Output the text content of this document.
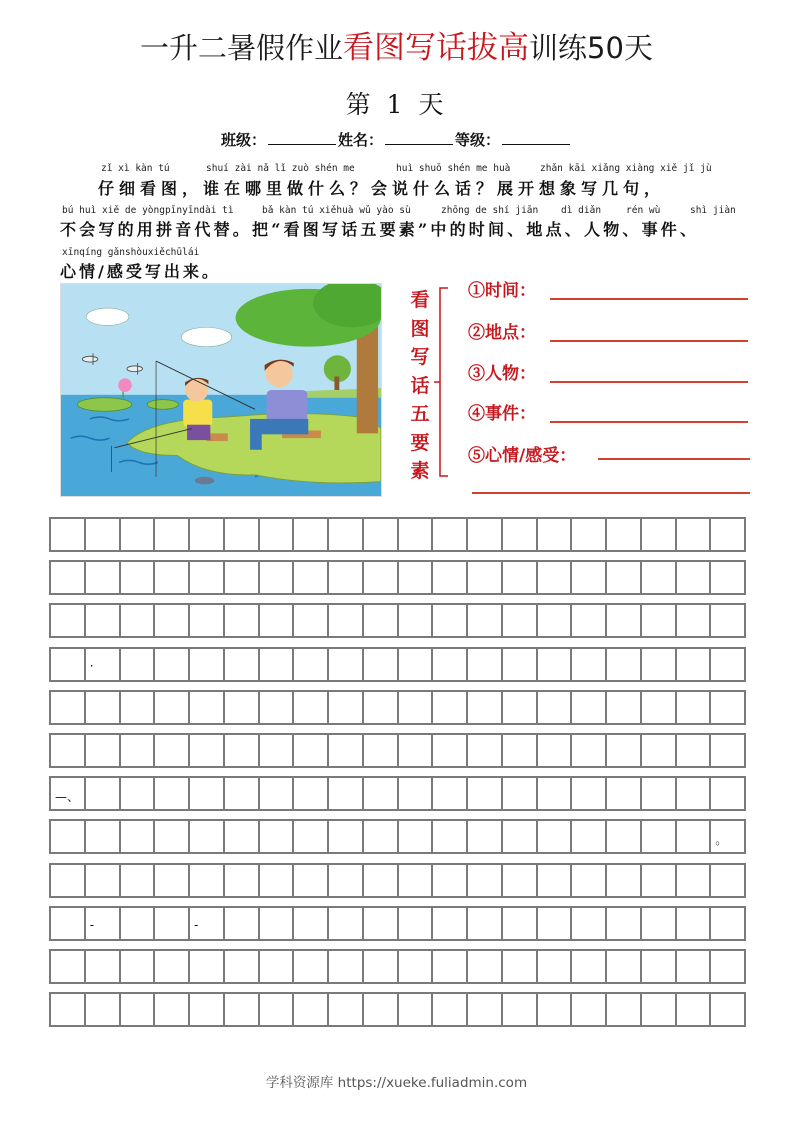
一升二暑假作业看图写话拔高训练50天
第 1 天
班级：	姓名：	等级：
zǐ xì kàn tú	shuí zài nǎ lǐ zuò shén me	huì shuō shén me huà	zhǎn kāi xiǎng xiàng xiě jǐ jù
仔细看图，谁在哪里做什么？会说什么话？展开想象写几句，
bú huì xiě de yòngpīnyīndài tì	bǎ kàn tú xiěhuà wǔ yào sù	zhōng de shí jiān dì diǎn	rén wù	shì jiàn
不会写的用拼音代替。把“看图写话五要素”中的时间、地点、人物、事件、
xīnqíng gǎnshòuxiěchūlái
心情/感受写出来。
看
图
写
话
五
要
素
①时间：
②地点：
③人物：
④事件：
⑤心情/感受：
·
—、
。
-	-
学科资源库 https://xueke.fuliadmin.com
